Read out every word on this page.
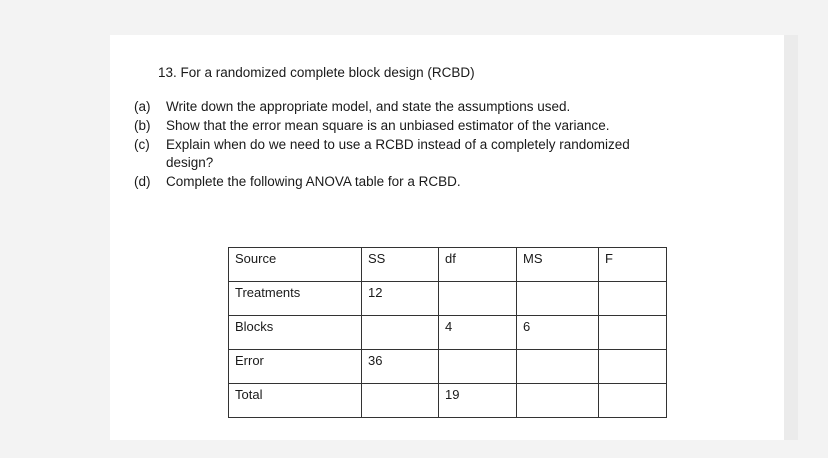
13. For a randomized complete block design (RCBD)
(a)	Write down the appropriate model, and state the assumptions used.
(b)	Show that the error mean square is an unbiased estimator of the variance.
(c)	Explain when do we need to use a RCBD instead of a completely randomized design?
(d)	Complete the following ANOVA table for a RCBD.
Source	SS	df	MS	F

Treatments	12			

Blocks		4	6	

Error	36			

Total		19		
